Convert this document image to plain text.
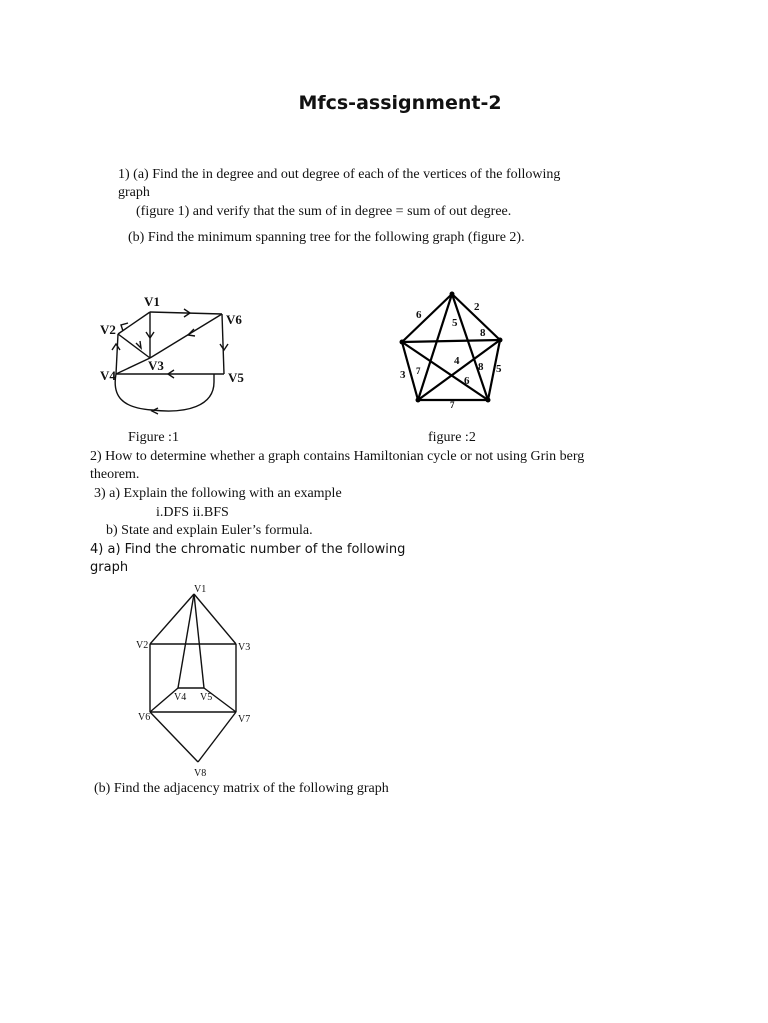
Mfcs-assignment-2
1) (a) Find the in degree and out degree of each of the vertices of the following
graph
(figure 1) and verify that the sum of in degree = sum of out degree.
(b) Find the minimum spanning tree for the following graph (figure 2).
V1
V2
V3
V4	V5
V6
2
6
5
8
4 8 5
6
3 7
7
Figure :1	figure :2
2) How to determine whether a graph contains Hamiltonian cycle or not using Grin berg
theorem.
3) a) Explain the following with an example
i.DFS ii.BFS
b) State and explain Euler’s formula.
4) a) Find the chromatic number of the following
graph
V1
V2	V3
V4 V5
V6	V7
V8
(b) Find the adjacency matrix of the following graph
